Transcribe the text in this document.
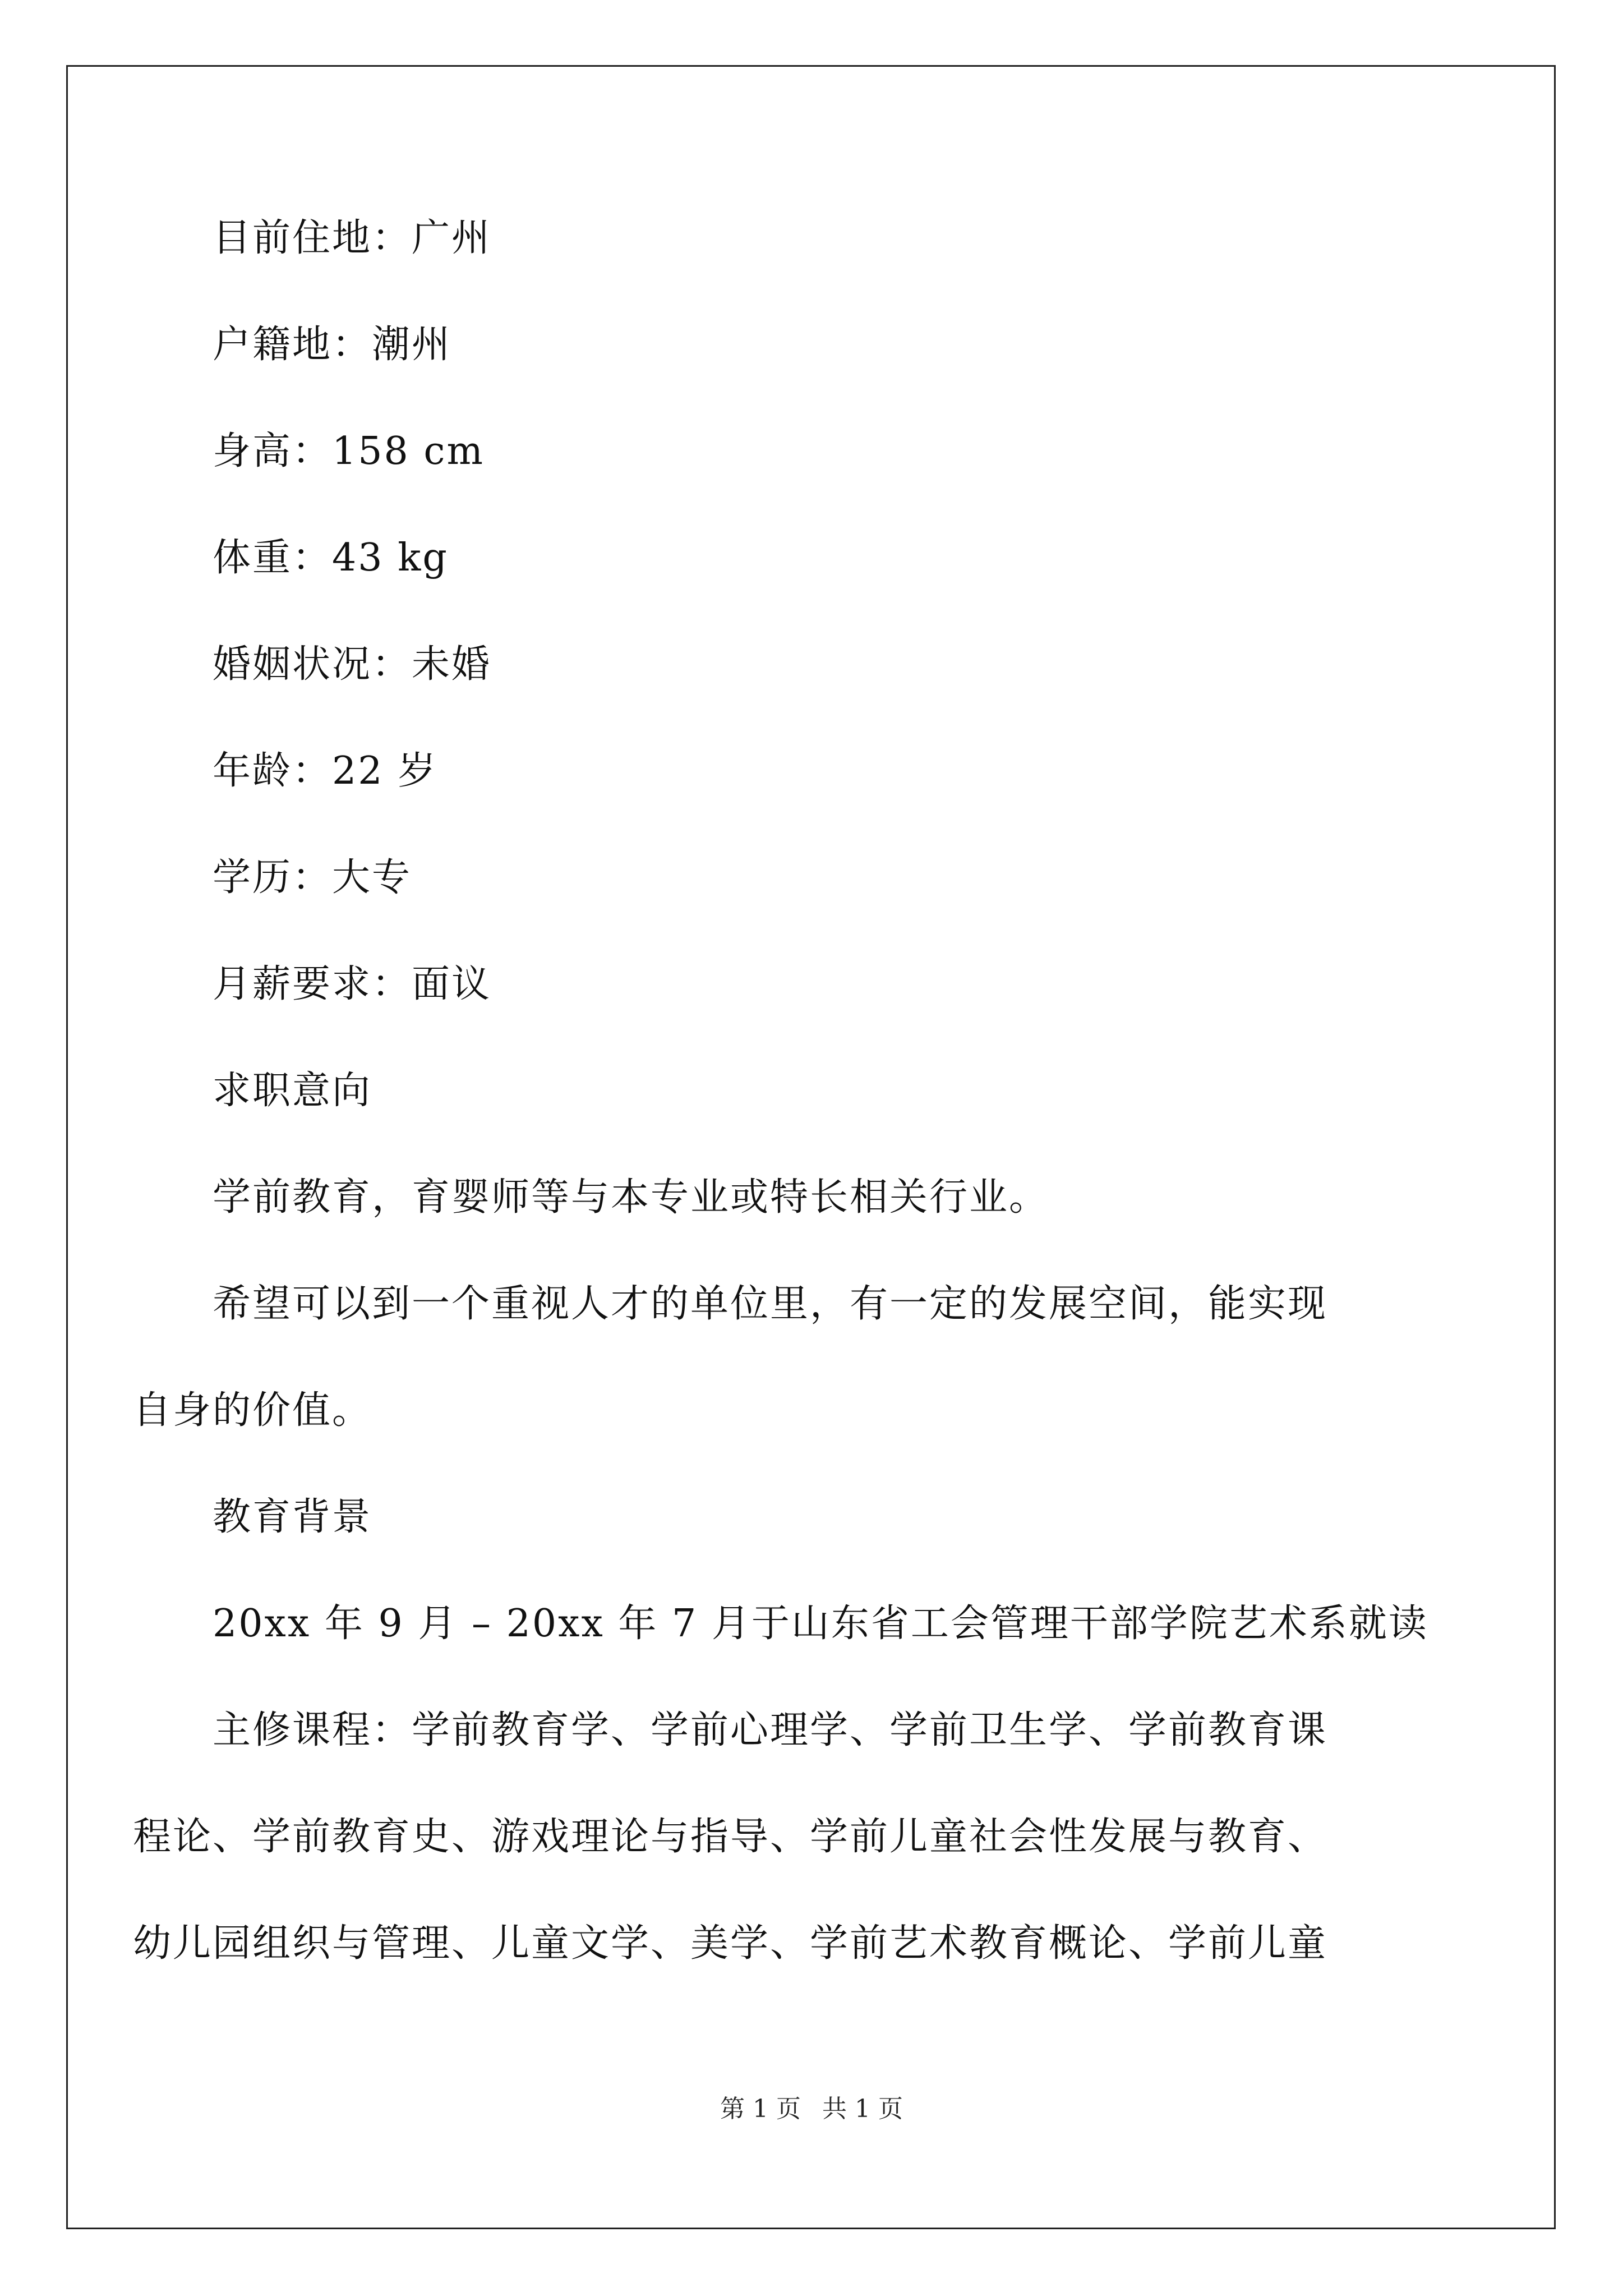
目前住地：广州
户籍地：潮州
身高：158 cm
体重：43 kg
婚姻状况：未婚
年龄：22 岁
学历：大专
月薪要求：面议
求职意向
学前教育，育婴师等与本专业或特长相关行业。
希望可以到一个重视人才的单位里，有一定的发展空间，能实现
自身的价值。
教育背景
20xx 年 9 月 – 20xx 年 7 月于山东省工会管理干部学院艺术系就读
主修课程：学前教育学、学前心理学、学前卫生学、学前教育课
程论、学前教育史、游戏理论与指导、学前儿童社会性发展与教育、
幼儿园组织与管理、儿童文学、美学、学前艺术教育概论、学前儿童
第 1 页 共 1 页
